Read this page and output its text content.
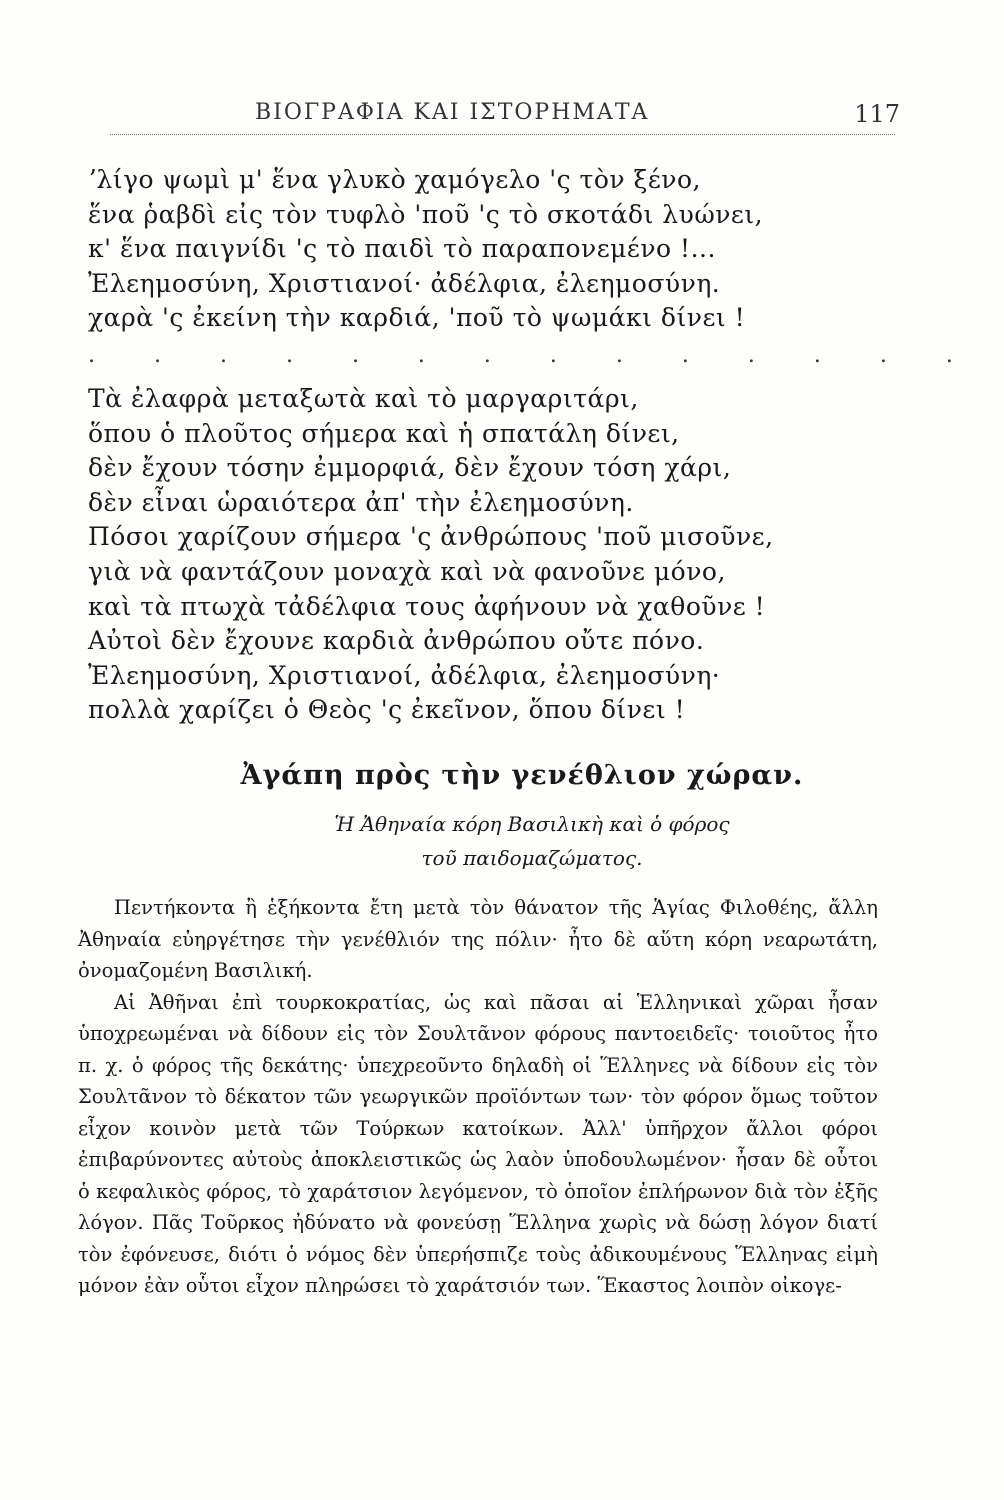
ΒΙΟΓΡΑΦΙΑ ΚΑΙ ΙΣΤΟΡΗΜΑΤΑ	117
ʼλίγο ψωμὶ μ' ἕνα γλυκὸ χαμόγελο 'ς τὸν ξένο,
ἕνα ῥαβδὶ εἰς τὸν τυφλὸ 'ποῦ 'ς τὸ σκοτάδι λυώνει,
κ' ἕνα παιγνίδι 'ς τὸ παιδὶ τὸ παραπονεμένο !...
Ἐλεημοσύνη, Χριστιανοί· ἀδέλφια, ἐλεημοσύνη.
χαρὰ 'ς ἐκείνη τὴν καρδιά, 'ποῦ τὸ ψωμάκι δίνει !
. . . . . . . . . . . . . .
Τὰ ἐλαφρὰ μεταξωτὰ καὶ τὸ μαργαριτάρι,
ὅπου ὁ πλοῦτος σήμερα καὶ ἡ σπατάλη δίνει,
δὲν ἔχουν τόσην ἐμμορφιά, δὲν ἔχουν τόση χάρι,
δὲν εἶναι ὡραιότερα ἀπ' τὴν ἐλεημοσύνη.
Πόσοι χαρίζουν σήμερα 'ς ἀνθρώπους 'ποῦ μισοῦνε,
γιὰ νὰ φαντάζουν μοναχὰ καὶ νὰ φανοῦνε μόνο,
καὶ τὰ πτωχὰ τἀδέλφια τους ἀφήνουν νὰ χαθοῦνε !
Αὐτοὶ δὲν ἔχουνε καρδιὰ ἀνθρώπου οὔτε πόνο.
Ἐλεημοσύνη, Χριστιανοί, ἀδέλφια, ἐλεημοσύνη·
πολλὰ χαρίζει ὁ Θεὸς 'ς ἐκεῖνον, ὅπου δίνει !
Ἀγάπη πρὸς τὴν γενέθλιον χώραν.
Ἡ Ἀθηναία κόρη Βασιλικὴ καὶ ὁ φόρος
τοῦ παιδομαζώματος.

Πεντήκοντα ἢ ἑξήκοντα ἔτη μετὰ τὸν θάνατον τῆς Ἁγίας Φιλοθέης, ἄλλη Ἀθηναία εὐηργέτησε τὴν γενέθλιόν της πόλιν· ἦτο δὲ αὕτη κόρη νεαρωτάτη, ὀνομαζομένη Βασιλική.

Αἱ Ἀθῆναι ἐπὶ τουρκοκρατίας, ὡς καὶ πᾶσαι αἱ Ἑλληνικαὶ χῶραι ἦσαν ὑποχρεωμέναι νὰ δίδουν εἰς τὸν Σουλτᾶνον φόρους παντοειδεῖς· τοιοῦτος ἦτο π. χ. ὁ φόρος τῆς δεκάτης· ὑπεχρεοῦντο δηλαδὴ οἱ Ἕλληνες νὰ δίδουν εἰς τὸν Σουλτᾶνον τὸ δέκατον τῶν γεωργικῶν προϊόντων των· τὸν φόρον ὅμως τοῦτον εἶχον κοινὸν μετὰ τῶν Τούρκων κατοίκων. Ἀλλ' ὑπῆρχον ἄλλοι φόροι ἐπιβαρύνοντες αὐτοὺς ἀποκλειστικῶς ὡς λαὸν ὑποδουλωμένον· ἦσαν δὲ οὗτοι ὁ κεφαλικὸς φόρος, τὸ χαράτσιον λεγόμενον, τὸ ὁποῖον ἐπλήρωνον διὰ τὸν ἑξῆς λόγον. Πᾶς Τοῦρκος ἠδύνατο νὰ φονεύσῃ Ἕλληνα χωρὶς νὰ δώσῃ λόγον διατί τὸν ἐφόνευσε, διότι ὁ νόμος δὲν ὑπερήσπιζε τοὺς ἀδικουμένους Ἕλληνας εἰμὴ μόνον ἐὰν οὗτοι εἶχον πληρώσει τὸ χαράτσιόν των. Ἕκαστος λοιπὸν οἰκογε-
